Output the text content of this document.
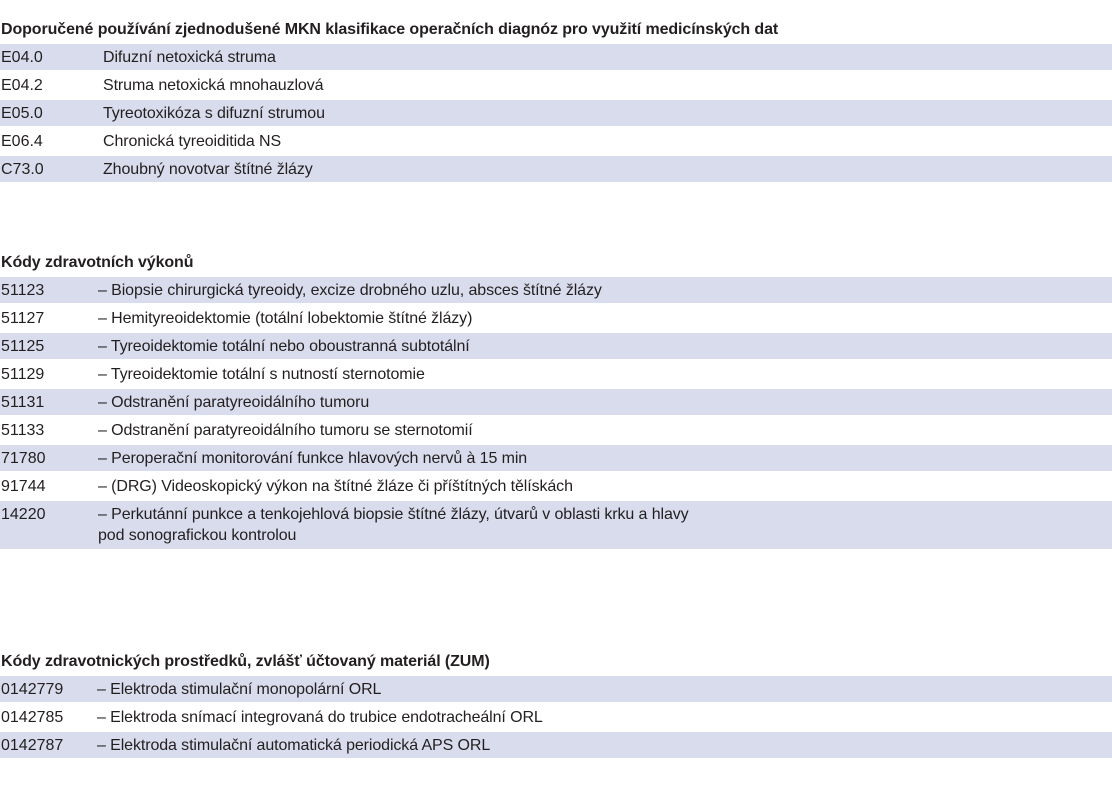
Doporučené používání zjednodušené MKN klasifikace operačních diagnóz pro využití medicínských dat
E04.0	Difuzní netoxická struma
E04.2	Struma netoxická mnohauzlová
E05.0	Tyreotoxikóza s difuzní strumou
E06.4	Chronická tyreoiditida NS
C73.0	Zhoubný novotvar štítné žlázy
Kódy zdravotních výkonů
51123	– Biopsie chirurgická tyreoidy, excize drobného uzlu, absces štítné žlázy
51127	– Hemityreoidektomie (totální lobektomie štítné žlázy)
51125	– Tyreoidektomie totální nebo oboustranná subtotální
51129	– Tyreoidektomie totální s nutností sternotomie
51131	– Odstranění paratyreoidálního tumoru
51133	– Odstranění paratyreoidálního tumoru se sternotomií
71780	– Peroperační monitorování funkce hlavových nervů à 15 min
91744	– (DRG) Videoskopický výkon na štítné žláze či příštítných tělískách
14220	– Perkutánní punkce a tenkojehlová biopsie štítné žlázy, útvarů v oblasti krku a hlavy
pod sonografickou kontrolou
Kódy zdravotnických prostředků, zvlášť účtovaný materiál (ZUM)
0142779	– Elektroda stimulační monopolární ORL
0142785	– Elektroda snímací integrovaná do trubice endotracheální ORL
0142787	– Elektroda stimulační automatická periodická APS ORL
